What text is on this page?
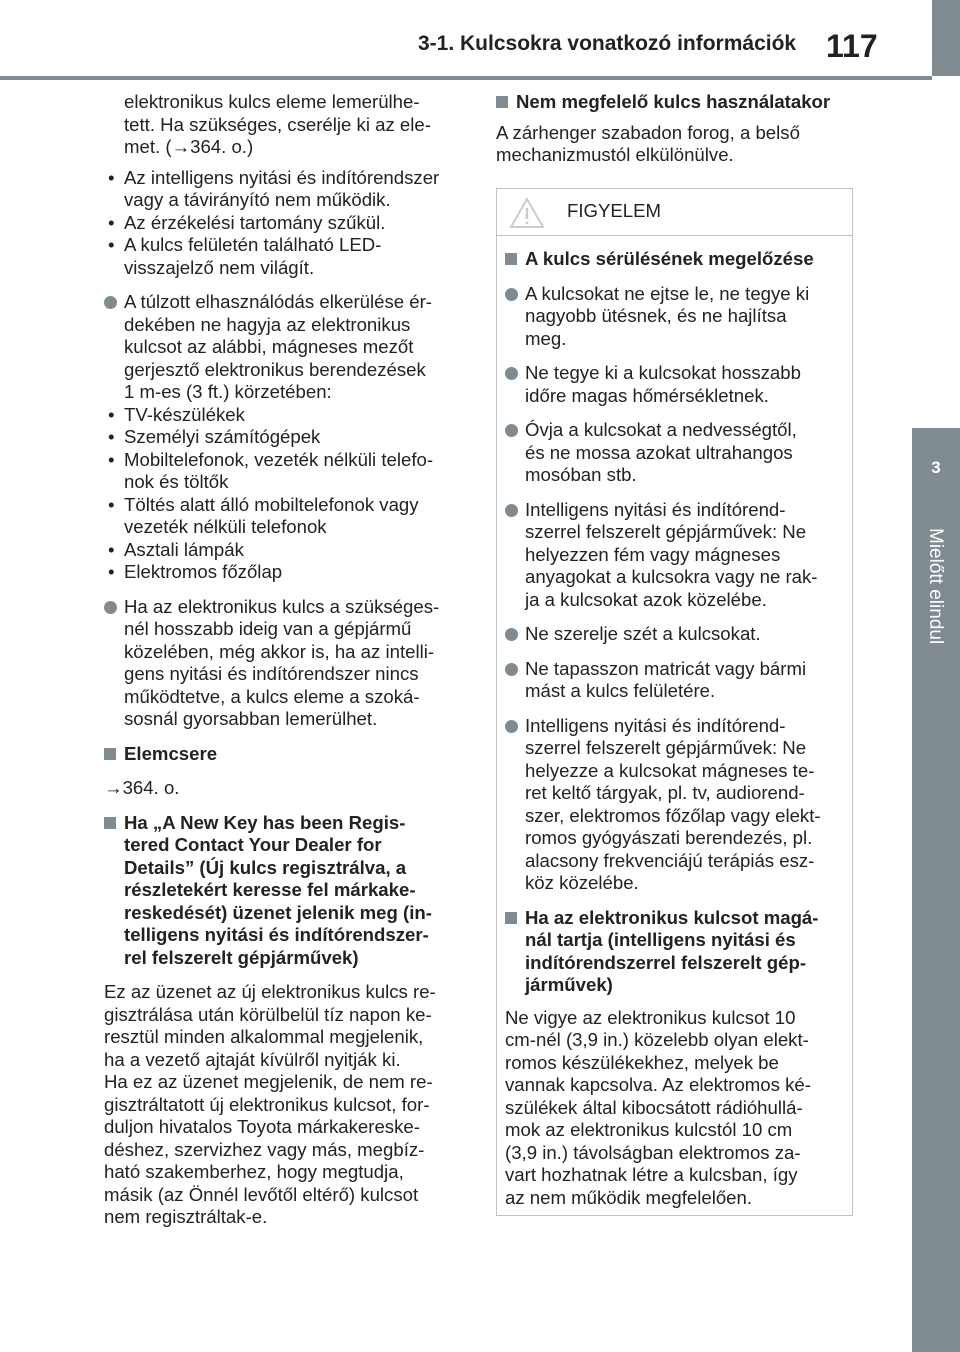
3-1. Kulcsokra vonatkozó információk 117
3
Mielőtt elindul
elektronikus kulcs eleme lemerülhe-
tett. Ha szükséges, cserélje ki az ele-
met. (→364. o.)
• Az intelligens nyitási és indítórendszer
vagy a távirányító nem működik.
• Az érzékelési tartomány szűkül.
• A kulcs felületén található LED-
visszajelző nem világít.
A túlzott elhasználódás elkerülése ér-
dekében ne hagyja az elektronikus
kulcsot az alábbi, mágneses mezőt
gerjesztő elektronikus berendezések
1 m-es (3 ft.) körzetében:
• TV-készülékek
• Személyi számítógépek
• Mobiltelefonok, vezeték nélküli telefo-
nok és töltők
• Töltés alatt álló mobiltelefonok vagy
vezeték nélküli telefonok
• Asztali lámpák
• Elektromos főzőlap
Ha az elektronikus kulcs a szükséges-
nél hosszabb ideig van a gépjármű
közelében, még akkor is, ha az intelli-
gens nyitási és indítórendszer nincs
működtetve, a kulcs eleme a szoká-
sosnál gyorsabban lemerülhet.
Elemcsere
→364. o.
Ha „A New Key has been Regis-
tered Contact Your Dealer for
Details” (Új kulcs regisztrálva, a
részletekért keresse fel márkake-
reskedését) üzenet jelenik meg (in-
telligens nyitási és indítórendszer-
rel felszerelt gépjárművek)
Ez az üzenet az új elektronikus kulcs re-
gisztrálása után körülbelül tíz napon ke-
resztül minden alkalommal megjelenik,
ha a vezető ajtaját kívülről nyitják ki.
Ha ez az üzenet megjelenik, de nem re-
gisztráltatott új elektronikus kulcsot, for-
duljon hivatalos Toyota márkakereske-
déshez, szervizhez vagy más, megbíz-
ható szakemberhez, hogy megtudja,
másik (az Önnél levőtől eltérő) kulcsot
nem regisztráltak-e.
Nem megfelelő kulcs használatakor
A zárhenger szabadon forog, a belső
mechanizmustól elkülönülve.
FIGYELEM
A kulcs sérülésének megelőzése
A kulcsokat ne ejtse le, ne tegye ki
nagyobb ütésnek, és ne hajlítsa
meg.
Ne tegye ki a kulcsokat hosszabb
időre magas hőmérsékletnek.
Óvja a kulcsokat a nedvességtől,
és ne mossa azokat ultrahangos
mosóban stb.
Intelligens nyitási és indítórend-
szerrel felszerelt gépjárművek: Ne
helyezzen fém vagy mágneses
anyagokat a kulcsokra vagy ne rak-
ja a kulcsokat azok közelébe.
Ne szerelje szét a kulcsokat.
Ne tapasszon matricát vagy bármi
mást a kulcs felületére.
Intelligens nyitási és indítórend-
szerrel felszerelt gépjárművek: Ne
helyezze a kulcsokat mágneses te-
ret keltő tárgyak, pl. tv, audiorend-
szer, elektromos főzőlap vagy elekt-
romos gyógyászati berendezés, pl.
alacsony frekvenciájú terápiás esz-
köz közelébe.
Ha az elektronikus kulcsot magá-
nál tartja (intelligens nyitási és
indítórendszerrel felszerelt gép-
járművek)
Ne vigye az elektronikus kulcsot 10
cm-nél (3,9 in.) közelebb olyan elekt-
romos készülékekhez, melyek be
vannak kapcsolva. Az elektromos ké-
szülékek által kibocsátott rádióhullá-
mok az elektronikus kulcstól 10 cm
(3,9 in.) távolságban elektromos za-
vart hozhatnak létre a kulcsban, így
az nem működik megfelelően.
